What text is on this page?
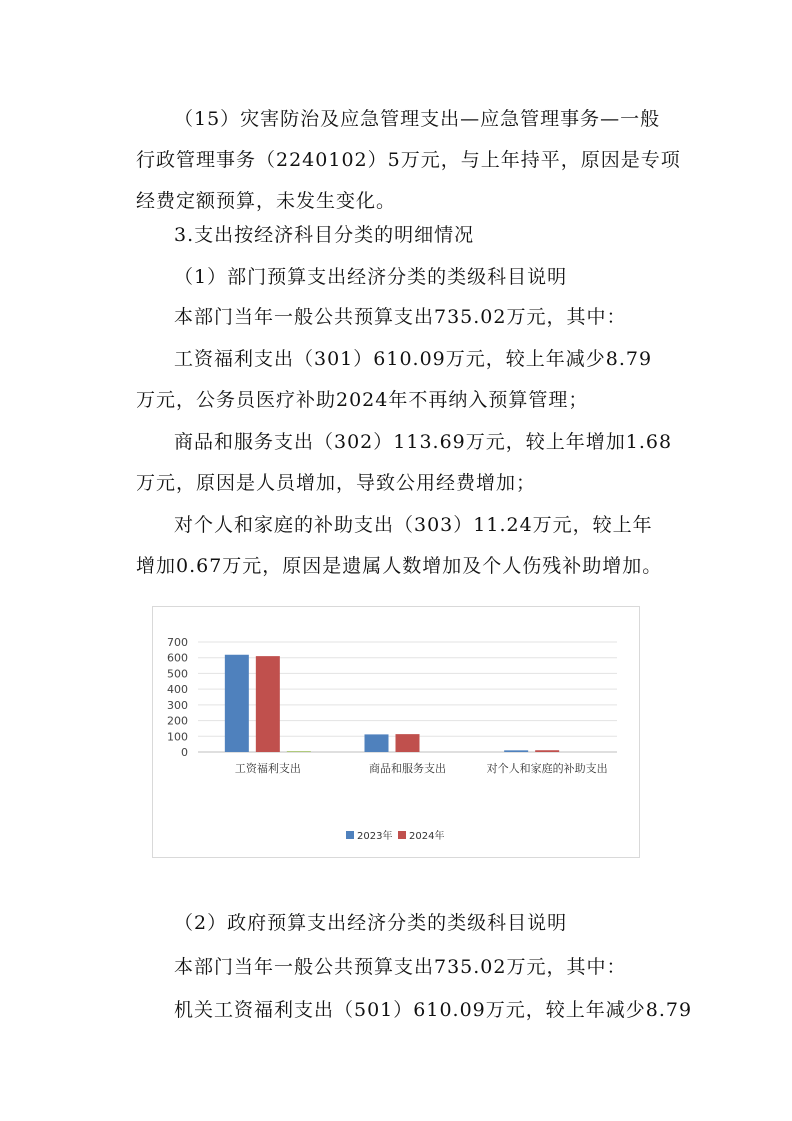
（15）灾害防治及应急管理支出—应急管理事务—一般
行政管理事务（2240102）5万元，与上年持平，原因是专项
经费定额预算，未发生变化。
3.支出按经济科目分类的明细情况
（1）部门预算支出经济分类的类级科目说明
本部门当年一般公共预算支出735.02万元，其中：
工资福利支出（301）610.09万元，较上年减少8.79
万元，公务员医疗补助2024年不再纳入预算管理；
商品和服务支出（302）113.69万元，较上年增加1.68
万元，原因是人员增加，导致公用经费增加；
对个人和家庭的补助支出（303）11.24万元，较上年
增加0.67万元，原因是遗属人数增加及个人伤残补助增加。
0
100
200
300
400
500
600
700
工资福利支出	商品和服务支出	对个人和家庭的补助支出
2023年 2024年
（2）政府预算支出经济分类的类级科目说明
本部门当年一般公共预算支出735.02万元，其中：
机关工资福利支出（501）610.09万元，较上年减少8.79
